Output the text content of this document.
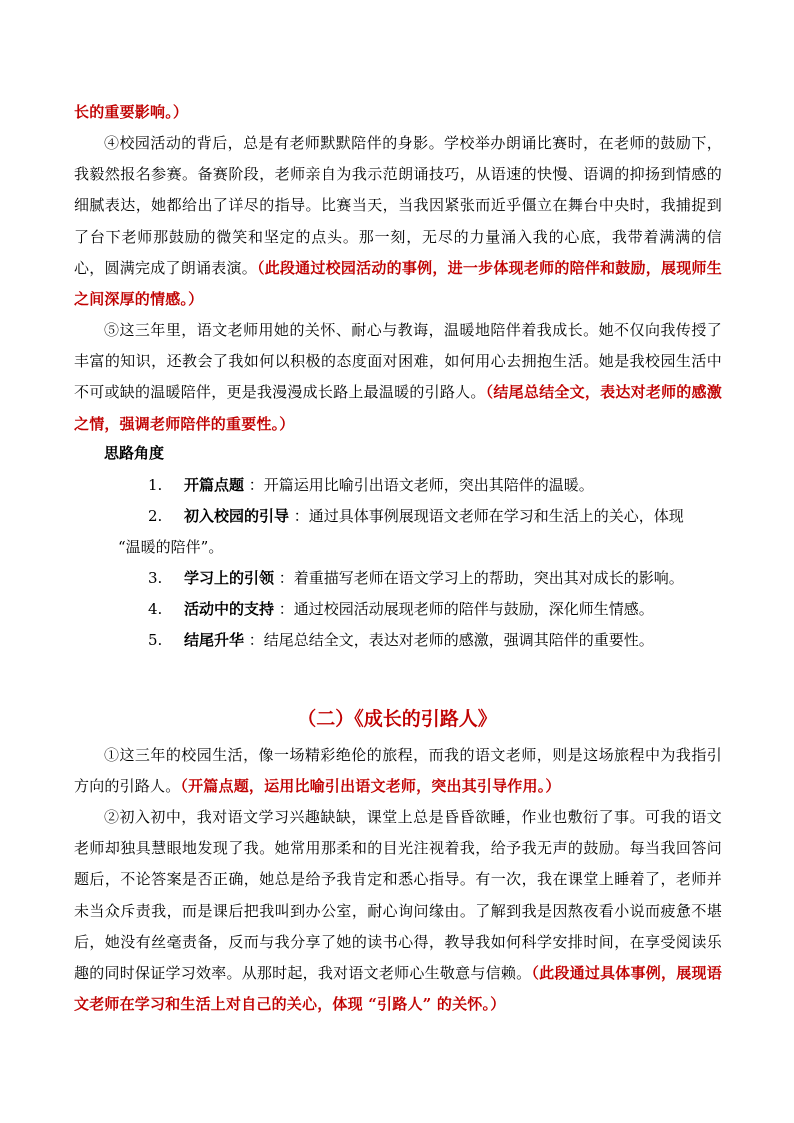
长的重要影响。）
④校园活动的背后，总是有老师默默陪伴的身影。学校举办朗诵比赛时，在老师的鼓励下，我毅然报名参赛。备赛阶段，老师亲自为我示范朗诵技巧，从语速的快慢、语调的抑扬到情感的细腻表达，她都给出了详尽的指导。比赛当天，当我因紧张而近乎僵立在舞台中央时，我捕捉到了台下老师那鼓励的微笑和坚定的点头。那一刻，无尽的力量涌入我的心底，我带着满满的信心，圆满完成了朗诵表演。（此段通过校园活动的事例，进一步体现老师的陪伴和鼓励，展现师生之间深厚的情感。）
⑤这三年里，语文老师用她的关怀、耐心与教诲，温暖地陪伴着我成长。她不仅向我传授了丰富的知识，还教会了我如何以积极的态度面对困难，如何用心去拥抱生活。她是我校园生活中不可或缺的温暖陪伴，更是我漫漫成长路上最温暖的引路人。（结尾总结全文，表达对老师的感激之情，强调老师陪伴的重要性。）
思路角度
1.	开篇点题 ：开篇运用比喻引出语文老师，突出其陪伴的温暖。
2.	初入校园的引导 ：通过具体事例展现语文老师在学习和生活上的关心，体现
“温暖的陪伴”。
3.	学习上的引领 ：着重描写老师在语文学习上的帮助，突出其对成长的影响。
4.	活动中的支持 ：通过校园活动展现老师的陪伴与鼓励，深化师生情感。
5.	结尾升华 ：结尾总结全文，表达对老师的感激，强调其陪伴的重要性。
（二）《成长的引路人》
①这三年的校园生活，像一场精彩绝伦的旅程，而我的语文老师，则是这场旅程中为我指引方向的引路人。（开篇点题，运用比喻引出语文老师，突出其引导作用。）
②初入初中，我对语文学习兴趣缺缺，课堂上总是昏昏欲睡，作业也敷衍了事。可我的语文老师却独具慧眼地发现了我。她常用那柔和的目光注视着我，给予我无声的鼓励。每当我回答问题后，不论答案是否正确，她总是给予我肯定和悉心指导。有一次，我在课堂上睡着了，老师并未当众斥责我，而是课后把我叫到办公室，耐心询问缘由。了解到我是因熬夜看小说而疲惫不堪后，她没有丝毫责备，反而与我分享了她的读书心得，教导我如何科学安排时间，在享受阅读乐趣的同时保证学习效率。从那时起，我对语文老师心生敬意与信赖。（此段通过具体事例，展现语文老师在学习和生活上对自己的关心，体现 “引路人” 的关怀。）
